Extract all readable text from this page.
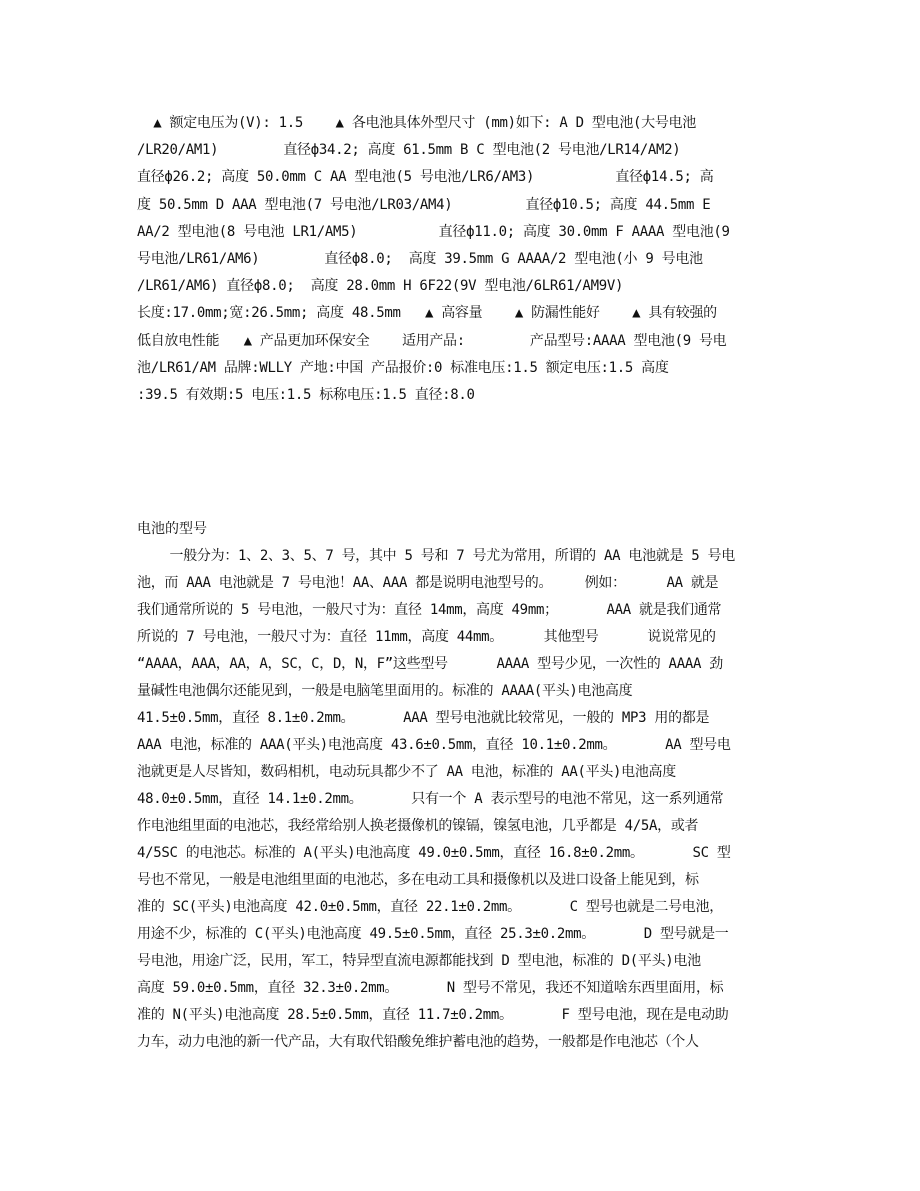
▲ 额定电压为(V): 1.5    ▲ 各电池具体外型尺寸 (mm)如下: A D 型电池(大号电池
/LR20/AM1)        直径ф34.2; 高度 61.5mm B C 型电池(2 号电池/LR14/AM2)
直径ф26.2; 高度 50.0mm C AA 型电池(5 号电池/LR6/AM3)          直径ф14.5; 高
度 50.5mm D AAA 型电池(7 号电池/LR03/AM4)         直径ф10.5; 高度 44.5mm E
AA/2 型电池(8 号电池 LR1/AM5)          直径ф11.0; 高度 30.0mm F AAAA 型电池(9
号电池/LR61/AM6)        直径ф8.0;  高度 39.5mm G AAAA/2 型电池(小 9 号电池
/LR61/AM6) 直径ф8.0;  高度 28.0mm H 6F22(9V 型电池/6LR61/AM9V)
长度:17.0mm;宽:26.5mm; 高度 48.5mm   ▲ 高容量    ▲ 防漏性能好    ▲ 具有较强的
低自放电性能   ▲ 产品更加环保安全    适用产品:        产品型号:AAAA 型电池(9 号电
池/LR61/AM 品牌:WLLY 产地:中国 产品报价:0 标准电压:1.5 额定电压:1.5 高度
:39.5 有效期:5 电压:1.5 标称电压:1.5 直径:8.0
电池的型号
一般分为：1、2、3、5、7 号，其中 5 号和 7 号尤为常用，所谓的 AA 电池就是 5 号电
池，而 AAA 电池就是 7 号电池！AA、AAA 都是说明电池型号的。    例如：     AA 就是
我们通常所说的 5 号电池，一般尺寸为：直径 14mm，高度 49mm；      AAA 就是我们通常
所说的 7 号电池，一般尺寸为：直径 11mm，高度 44mm。     其他型号      说说常见的
“AAAA，AAA，AA，A，SC，C，D，N，F”这些型号      AAAA 型号少见，一次性的 AAAA 劲
量碱性电池偶尔还能见到，一般是电脑笔里面用的。标准的 AAAA(平头)电池高度
41.5±0.5mm，直径 8.1±0.2mm。      AAA 型号电池就比较常见，一般的 MP3 用的都是
AAA 电池，标准的 AAA(平头)电池高度 43.6±0.5mm，直径 10.1±0.2mm。      AA 型号电
池就更是人尽皆知，数码相机，电动玩具都少不了 AA 电池，标准的 AA(平头)电池高度
48.0±0.5mm，直径 14.1±0.2mm。      只有一个 A 表示型号的电池不常见，这一系列通常
作电池组里面的电池芯，我经常给别人换老摄像机的镍镉，镍氢电池，几乎都是 4/5A，或者
4/5SC 的电池芯。标准的 A(平头)电池高度 49.0±0.5mm，直径 16.8±0.2mm。      SC 型
号也不常见，一般是电池组里面的电池芯，多在电动工具和摄像机以及进口设备上能见到，标
准的 SC(平头)电池高度 42.0±0.5mm，直径 22.1±0.2mm。      C 型号也就是二号电池，
用途不少，标准的 C(平头)电池高度 49.5±0.5mm，直径 25.3±0.2mm。      D 型号就是一
号电池，用途广泛，民用，军工，特异型直流电源都能找到 D 型电池，标准的 D(平头)电池
高度 59.0±0.5mm，直径 32.3±0.2mm。      N 型号不常见，我还不知道啥东西里面用，标
准的 N(平头)电池高度 28.5±0.5mm，直径 11.7±0.2mm。      F 型号电池，现在是电动助
力车，动力电池的新一代产品，大有取代铅酸免维护蓄电池的趋势，一般都是作电池芯（个人
